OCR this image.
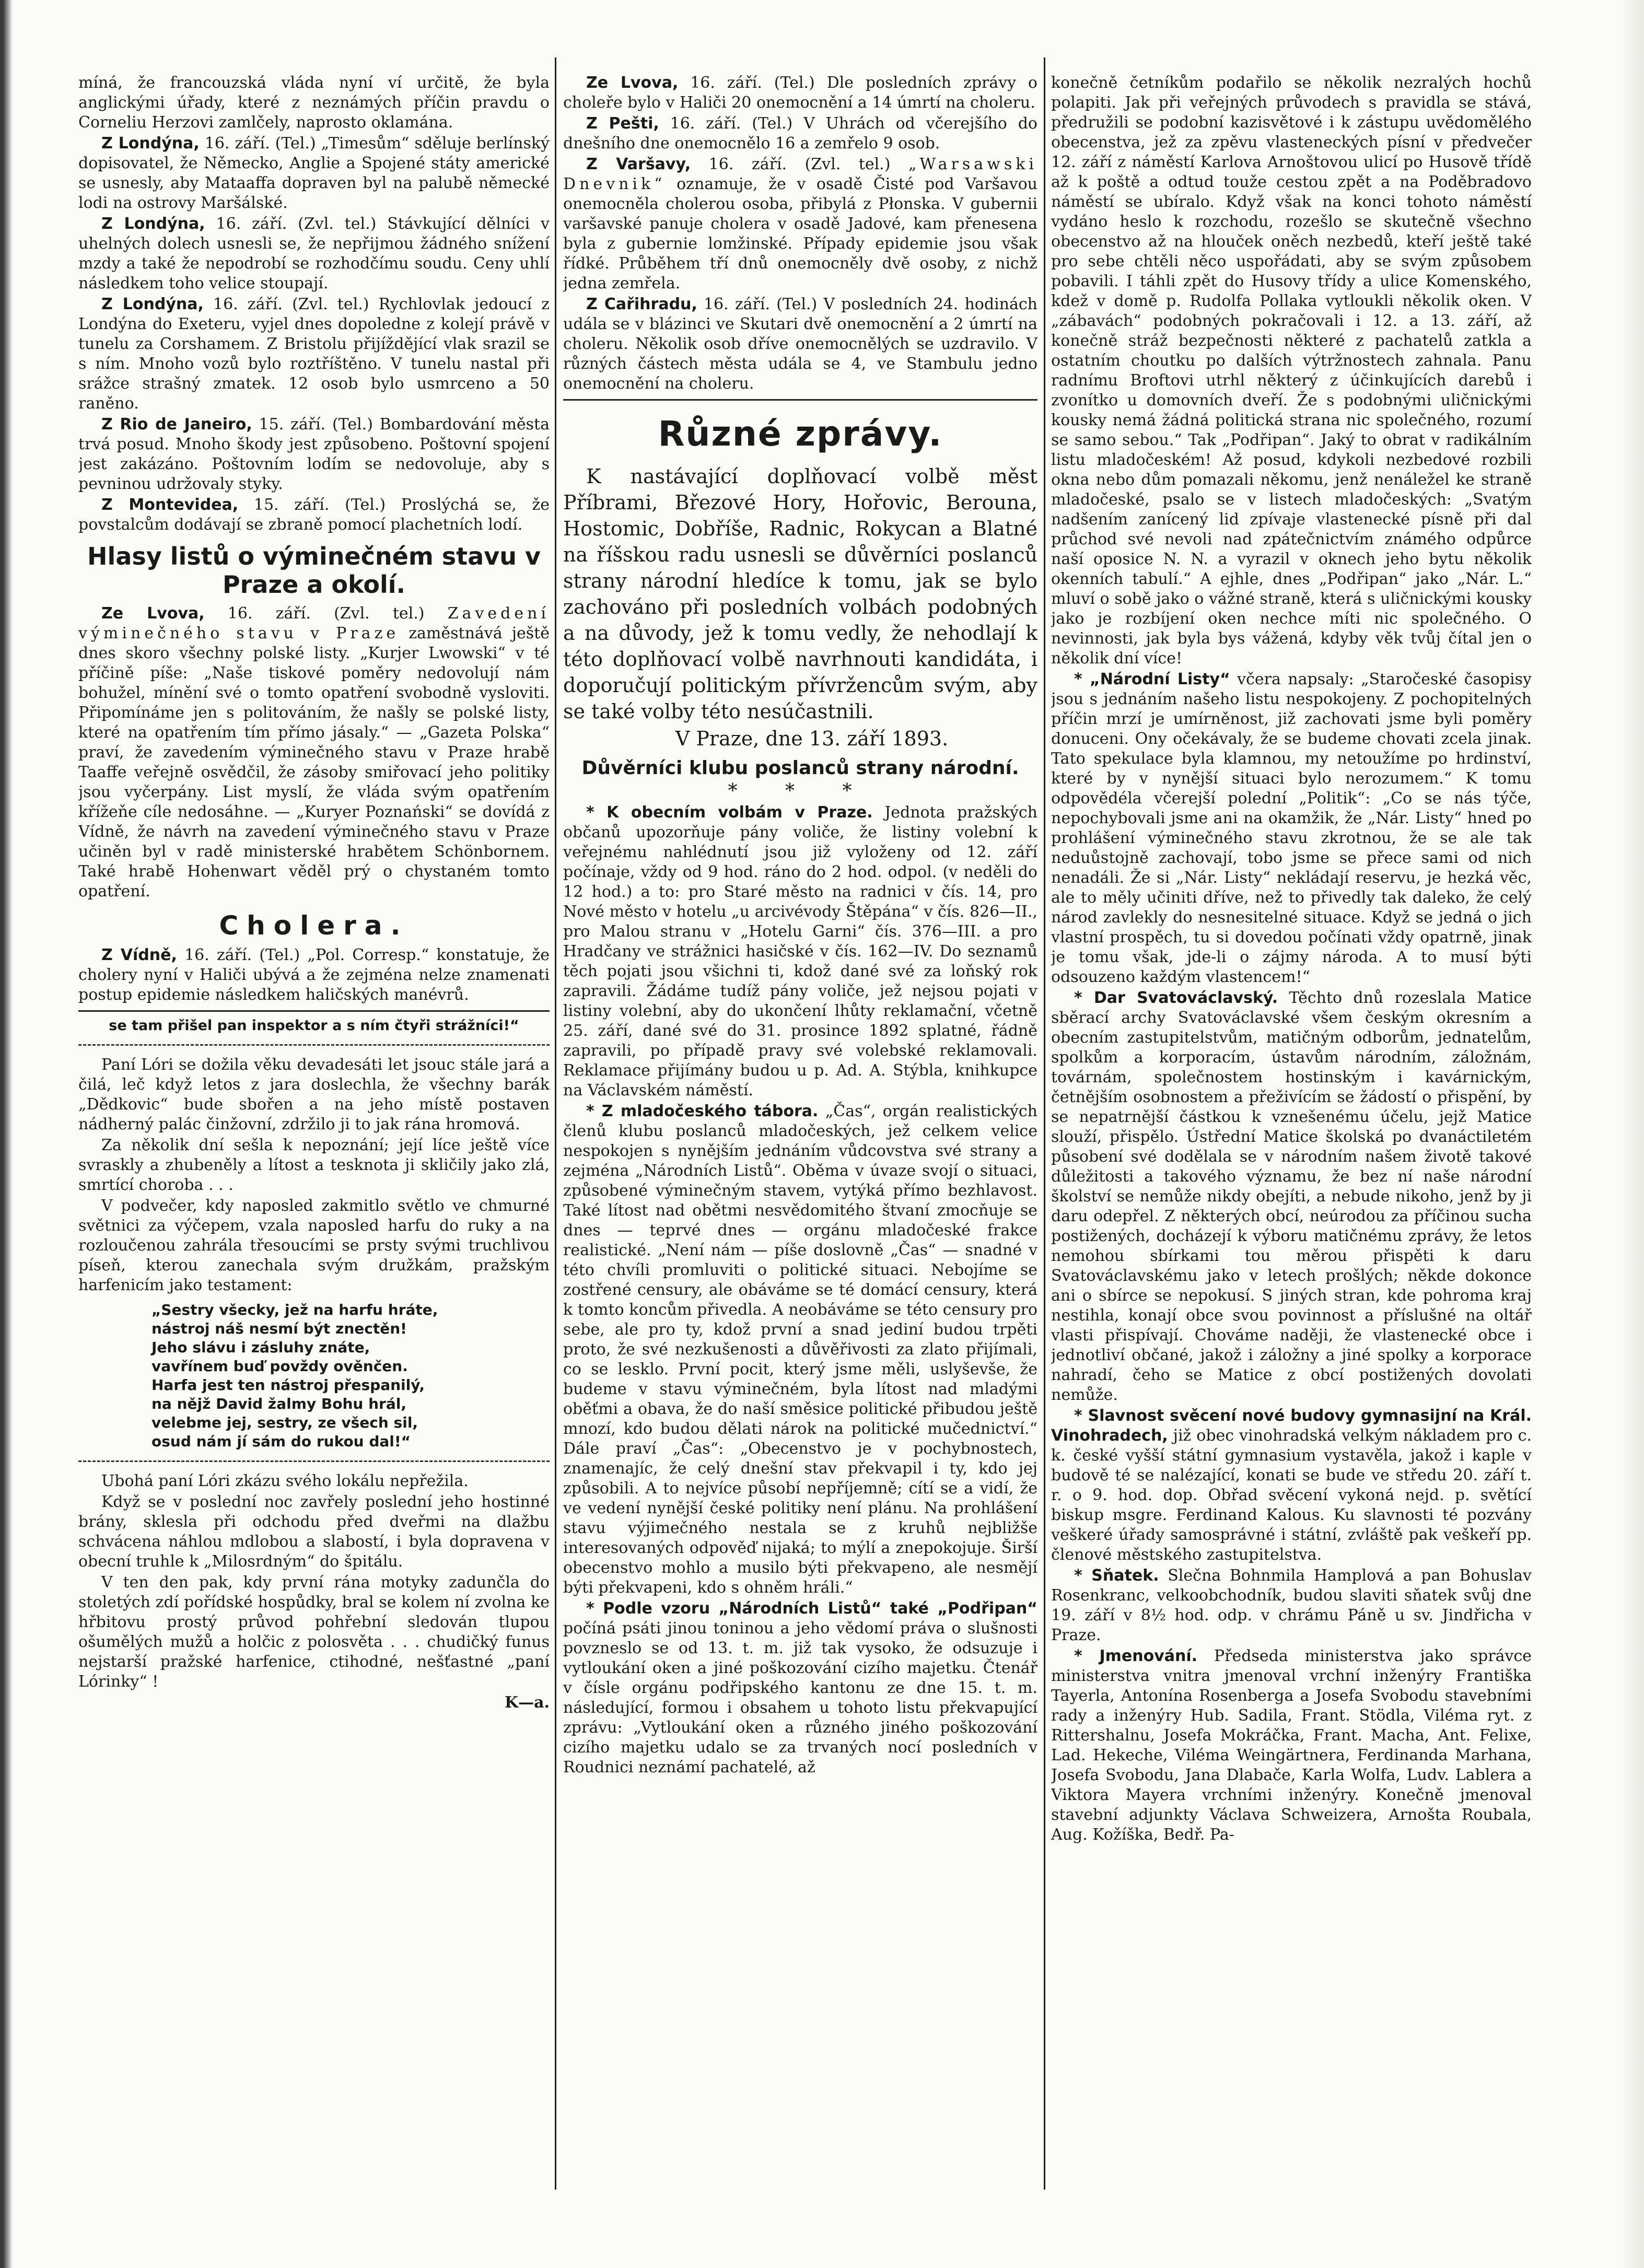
míná, že francouzská vláda nyní ví určitě, že byla anglickými úřady, které z neznámých příčin pravdu o Corneliu Herzovi zamlčely, naprosto oklamána.

Z Londýna, 16. září. (Tel.) „Timesům“ sděluje berlínský dopisovatel, že Německo, Anglie a Spojené státy americké se usnesly, aby Mataaffa dopraven byl na palubě německé lodi na ostrovy Maršálské.

Z Londýna, 16. září. (Zvl. tel.) Stávkující dělníci v uhelných dolech usnesli se, že nepřijmou žádného snížení mzdy a také že nepodrobí se rozhodčímu soudu. Ceny uhlí následkem toho velice stoupají.

Z Londýna, 16. září. (Zvl. tel.) Rychlovlak jedoucí z Londýna do Exeteru, vyjel dnes dopoledne z kolejí právě v tunelu za Corshamem. Z Bristolu přijíždějící vlak srazil se s ním. Mnoho vozů bylo roztříštěno. V tunelu nastal při srážce strašný zmatek. 12 osob bylo usmrceno a 50 raněno.

Z Rio de Janeiro, 15. září. (Tel.) Bombardování města trvá posud. Mnoho škody jest způsobeno. Poštovní spojení jest zakázáno. Poštovním lodím se nedovoluje, aby s pevninou udržovaly styky.

Z Montevidea, 15. září. (Tel.) Proslýchá se, že povstalcům dodávají se zbraně pomocí plachetních lodí.

Hlasy listů o výminečném stavu v Praze a okolí.

Ze Lvova, 16. září. (Zvl. tel.) Zavedení výminečného stavu v Praze zaměstnává ještě dnes skoro všechny polské listy. „Kurjer Lwowski“ v té příčině píše: „Naše tiskové poměry nedovolují nám bohužel, mínění své o tomto opatření svobodně vysloviti. Připomínáme jen s politováním, že našly se polské listy, které na opatřením tím přímo jásaly.“ — „Gazeta Polska“ praví, že zavedením výminečného stavu v Praze hrabě Taaffe veřejně osvědčil, že zásoby smiřovací jeho politiky jsou vyčerpány. List myslí, že vláda svým opatřením křížeňe cíle nedosáhne. — „Kuryer Poznański“ se dovídá z Vídně, že návrh na zavedení výminečného stavu v Praze učiněn byl v radě ministerské hrabětem Schönbornem. Také hrabě Hohenwart věděl prý o chystaném tomto opatření.

Cholera.

Z Vídně, 16. září. (Tel.) „Pol. Corresp.“ konstatuje, že cholery nyní v Haliči ubývá a že zejména nelze znamenati postup epidemie následkem haličských manévrů.

se tam přišel pan inspektor a s ním čtyři strážníci!“

Paní Lóri se dožila věku devadesáti let jsouc stále jará a čilá, leč když letos z jara doslechla, že všechny barák „Dědkovic“ bude sbořen a na jeho místě postaven nádherný palác činžovní, zdržilo ji to jak rána hromová.

Za několik dní sešla k nepoznání; její líce ještě více svraskly a zhubeněly a lítost a tesknota ji skličily jako zlá, smrtící choroba . . .

V podvečer, kdy naposled zakmitlo světlo ve chmurné světnici za výčepem, vzala naposled harfu do ruky a na rozloučenou zahrála třesoucími se prsty svými truchlivou píseň, kterou zanechala svým družkám, pražským harfenicím jako testament:

„Sestry všecky, jež na harfu hráte,
nástroj náš nesmí být znectěn!
Jeho slávu i zásluhy znáte,
vavřínem buď povždy ověnčen.
Harfa jest ten nástroj přespanilý,
na nějž David žalmy Bohu hrál,
velebme jej, sestry, ze všech sil,
osud nám jí sám do rukou dal!“

Ubohá paní Lóri zkázu svého lokálu nepřežila.

Když se v poslední noc zavřely poslední jeho hostinné brány, sklesla při odchodu před dveřmi na dlažbu schvácena náhlou mdlobou a slabostí, i byla dopravena v obecní truhle k „Milosrdným“ do špitálu.

V ten den pak, kdy první rána motyky zadunčla do stoletých zdí pořídské hospůdky, bral se kolem ní zvolna ke hřbitovu prostý průvod pohřební sledován tlupou ošumělých mužů a holčic z polosvěta . . . chudičký funus nejstarší pražské harfenice, ctihodné, nešťastné „paní Lórinky“ !

K—a.

Ze Lvova, 16. září. (Tel.) Dle posledních zprávy o choleře bylo v Haliči 20 onemocnění a 14 úmrtí na choleru.

Z Pešti, 16. září. (Tel.) V Uhrách od včerejšího do dnešního dne onemocnělo 16 a zemřelo 9 osob.

Z Varšavy, 16. září. (Zvl. tel.) „Warsawski Dnevnik“ oznamuje, že v osadě Čisté pod Varšavou onemocněla cholerou osoba, přibylá z Płonska. V gubernii varšavské panuje cholera v osadě Jadové, kam přenesena byla z gubernie lomžinské. Případy epidemie jsou však řídké. Průběhem tří dnů onemocněly dvě osoby, z nichž jedna zemřela.

Z Cařihradu, 16. září. (Tel.) V posledních 24. hodinách udála se v blázinci ve Skutari dvě onemocnění a 2 úmrtí na choleru. Několik osob dříve onemocnělých se uzdravilo. V různých částech města udála se 4, ve Stambulu jedno onemocnění na choleru.

Různé zprávy.

K nastávající doplňovací volbě měst Příbrami, Březové Hory, Hořovic, Berouna, Hostomic, Dobříše, Radnic, Rokycan a Blatné na říšskou radu usnesli se důvěrníci poslanců strany národní hledíce k tomu, jak se bylo zachováno při posledních volbách podobných a na důvody, jež k tomu vedly, že nehodlají k této doplňovací volbě navrhnouti kandidáta, i doporučují politickým přívržencům svým, aby se také volby této nesúčastnili.

V Praze, dne 13. září 1893.

Důvěrníci klubu poslanců strany národní.
* * *

* K obecním volbám v Praze. Jednota pražských občanů upozorňuje pány voliče, že listiny volební k veřejnému nahlédnutí jsou již vyloženy od 12. září počínaje, vždy od 9 hod. ráno do 2 hod. odpol. (v neděli do 12 hod.) a to: pro Staré město na radnici v čís. 14, pro Nové město v hotelu „u arcivévody Štěpána“ v čís. 826—II., pro Malou stranu v „Hotelu Garni“ čís. 376—III. a pro Hradčany ve strážnici hasičské v čís. 162—IV. Do seznamů těch pojati jsou všichni ti, kdož dané své za loňský rok zapravili. Žádáme tudíž pány voliče, jež nejsou pojati v listiny volební, aby do ukončení lhůty reklamační, včetně 25. září, dané své do 31. prosince 1892 splatné, řádně zapravili, po případě pravy své volebské reklamovali. Reklamace přijímány budou u p. Ad. A. Stýbla, knihkupce na Václavském náměstí.

* Z mladočeského tábora. „Čas“, orgán realistických členů klubu poslanců mladočeských, jež celkem velice nespokojen s nynějším jednáním vůdcovstva své strany a zejména „Národních Listů“. Oběma v úvaze svojí o situaci, způsobené výminečným stavem, vytýká přímo bezhlavost. Také lítost nad obětmi nesvědomitého štvaní zmocňuje se dnes — teprvé dnes — orgánu mladočeské frakce realistické. „Není nám — píše doslovně „Čas“ — snadné v této chvíli promluviti o politické situaci. Nebojíme se zostřené censury, ale obáváme se té domácí censury, která k tomto koncům přivedla. A neobáváme se této censury pro sebe, ale pro ty, kdož první a snad jediní budou trpěti proto, že své nezkušenosti a důvěřivosti za zlato přijímali, co se lesklo. První pocit, který jsme měli, uslyševše, že budeme v stavu výminečném, byla lítost nad mladými oběťmi a obava, že do naší směsice politické přibudou ještě mnozí, kdo budou dělati nárok na politické mučednictví.“ Dále praví „Čas“: „Obecenstvo je v pochybnostech, znamenajíc, že celý dnešní stav překvapil i ty, kdo jej způsobili. A to nejvíce působí nepříjemně; cítí se a vidí, že ve vedení nynější české politiky není plánu. Na prohlášení stavu výjimečného nestala se z kruhů nejbližše interesovaných odpověď nijaká; to mýlí a znepokojuje. Širší obecenstvo mohlo a musilo býti překvapeno, ale nesmějí býti překvapeni, kdo s ohněm hráli.“

* Podle vzoru „Národních Listů“ také „Podřipan“ počíná psáti jinou toninou a jeho vědomí práva o slušnosti povzneslo se od 13. t. m. již tak vysoko, že odsuzuje i vytloukání oken a jiné poškozování cizího majetku. Čtenář v čísle orgánu podřipského kantonu ze dne 15. t. m. následující, formou i obsahem u tohoto listu překvapující zprávu: „Vytloukání oken a různého jiného poškozování cizího majetku udalo se za trvaných nocí posledních v Roudnici neznámí pachatelé, až

konečně četníkům podařilo se několik nezralých hochů polapiti. Jak při veřejných průvodech s pravidla se stává, předružili se podobní kazisvětové i k zástupu uvědomělého obecenstva, jež za zpěvu vlasteneckých písní v předvečer 12. září z náměstí Karlova Arnoštovou ulicí po Husově třídě až k poště a odtud touže cestou zpět a na Poděbradovo náměstí se ubíralo. Když však na konci tohoto náměstí vydáno heslo k rozchodu, rozešlo se skutečně všechno obecenstvo až na hlouček oněch nezbedů, kteří ještě také pro sebe chtěli něco uspořádati, aby se svým způsobem pobavili. I táhli zpět do Husovy třídy a ulice Komenského, kdež v domě p. Rudolfa Pollaka vytloukli několik oken. V „zábavách“ podobných pokračovali i 12. a 13. září, až konečně stráž bezpečnosti některé z pachatelů zatkla a ostatním choutku po dalších výtržnostech zahnala. Panu radnímu Broftovi utrhl některý z účinkujících darebů i zvonítko u domovních dveří. Že s podobnými uličnickými kousky nemá žádná politická strana nic společného, rozumí se samo sebou.“ Tak „Podřipan“. Jaký to obrat v radikálním listu mladočeském! Až posud, kdykoli nezbedové rozbili okna nebo dům pomazali někomu, jenž nenáležel ke straně mladočeské, psalo se v listech mladočeských: „Svatým nadšením zanícený lid zpívaje vlastenecké písně při dal průchod své nevoli nad zpátečnictvím známého odpůrce naší oposice N. N. a vyrazil v oknech jeho bytu několik okenních tabulí.“ A ejhle, dnes „Podřipan“ jako „Nár. L.“ mluví o sobě jako o vážné straně, která s uličnickými kousky jako je rozbíjení oken nechce míti nic společného. O nevinnosti, jak byla bys vážená, kdyby věk tvůj čítal jen o několik dní více!

* „Národní Listy“ včera napsaly: „Staročeské časopisy jsou s jednáním našeho listu nespokojeny. Z pochopitelných příčin mrzí je umírněnost, již zachovati jsme byli poměry donuceni. Ony očekávaly, že se budeme chovati zcela jinak. Tato spekulace byla klamnou, my netoužíme po hrdinství, které by v nynější situaci bylo nerozumem.“ K tomu odpovědéla včerejší polední „Politik“: „Co se nás týče, nepochybovali jsme ani na okamžik, že „Nár. Listy“ hned po prohlášení výminečného stavu zkrotnou, že se ale tak neduůstojně zachovají, tobo jsme se přece sami od nich nenadáli. Že si „Nár. Listy“ nekládají reservu, je hezká věc, ale to měly učiniti dříve, než to přivedly tak daleko, že celý národ zavlekly do nesnesitelné situace. Když se jedná o jich vlastní prospěch, tu si dovedou počínati vždy opatrně, jinak je tomu však, jde-li o zájmy národa. A to musí býti odsouzeno každým vlastencem!“

* Dar Svatováclavský. Těchto dnů rozeslala Matice sběrací archy Svatováclavské všem českým okresním a obecním zastupitelstvům, matičným odborům, jednatelům, spolkům a korporacím, ústavům národním, záložnám, továrnám, společnostem hostinským i kavárnickým, četnějším osobnostem a přeživícím se žádostí o přispění, by se nepatrnější částkou k vznešenému účelu, jejž Matice slouží, přispělo. Ústřední Matice školská po dvanáctiletém působení své dodělala se v národním našem životě takové důležitosti a takového významu, že bez ní naše národní školství se nemůže nikdy obejíti, a nebude nikoho, jenž by ji daru odepřel. Z některých obcí, neúrodou za příčinou sucha postižených, docházejí k výboru matičnému zprávy, že letos nemohou sbírkami tou měrou přispěti k daru Svatováclavskému jako v letech prošlých; někde dokonce ani o sbírce se nepokusí. S jiných stran, kde pohroma kraj nestihla, konají obce svou povinnost a příslušné na oltář vlasti přispívají. Chováme naději, že vlastenecké obce i jednotliví občané, jakož i záložny a jiné spolky a korporace nahradí, čeho se Matice z obcí postižených dovolati nemůže.

* Slavnost svěcení nové budovy gymnasijní na Král. Vinohradech, již obec vinohradská velkým nákladem pro c. k. české vyšší státní gymnasium vystavěla, jakož i kaple v budově té se nalézající, konati se bude ve středu 20. září t. r. o 9. hod. dop. Obřad svěcení vykoná nejd. p. světící biskup msgre. Ferdinand Kalous. Ku slavnosti té pozvány veškeré úřady samosprávné i státní, zvláště pak veškeří pp. členové městského zastupitelstva.

* Sňatek. Slečna Bohnmila Hamplová a pan Bohuslav Rosenkranc, velkoobchodník, budou slaviti sňatek svůj dne 19. září v 8½ hod. odp. v chrámu Páně u sv. Jindřicha v Praze.

* Jmenování. Předseda ministerstva jako správce ministerstva vnitra jmenoval vrchní inženýry Františka Tayerla, Antonína Rosenberga a Josefa Svobodu stavebními rady a inženýry Hub. Sadila, Frant. Stödla, Viléma ryt. z Rittershalnu, Josefa Mokráčka, Frant. Macha, Ant. Felixe, Lad. Hekeche, Viléma Weingärtnera, Ferdinanda Marhana, Josefa Svobodu, Jana Dlabače, Karla Wolfa, Ludv. Lablera a Viktora Mayera vrchními inženýry. Konečně jmenoval stavební adjunkty Václava Schweizera, Arnošta Roubala, Aug. Kožíška, Bedř. Pa-
